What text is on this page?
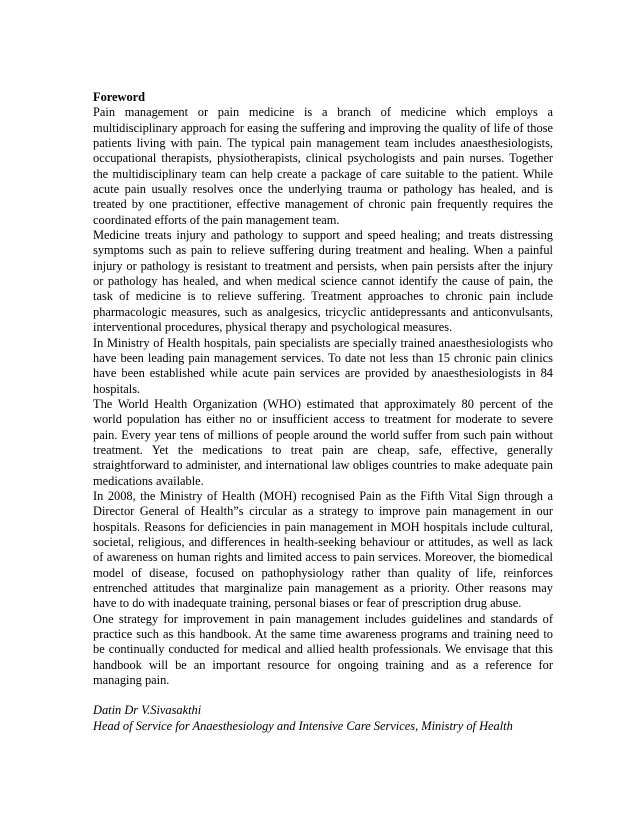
Foreword

Pain management or pain medicine is a branch of medicine which employs a multidisciplinary approach for easing the suffering and improving the quality of life of those patients living with pain. The typical pain management team includes anaesthesiologists, occupational therapists, physiotherapists, clinical psychologists and pain nurses. Together the multidisciplinary team can help create a package of care suitable to the patient. While acute pain usually resolves once the underlying trauma or pathology has healed, and is treated by one practitioner, effective management of chronic pain frequently requires the coordinated efforts of the pain management team.

Medicine treats injury and pathology to support and speed healing; and treats distressing symptoms such as pain to relieve suffering during treatment and healing. When a painful injury or pathology is resistant to treatment and persists, when pain persists after the injury or pathology has healed, and when medical science cannot identify the cause of pain, the task of medicine is to relieve suffering. Treatment approaches to chronic pain include pharmacologic measures, such as analgesics, tricyclic antidepressants and anticonvulsants, interventional procedures, physical therapy and psychological measures.

In Ministry of Health hospitals, pain specialists are specially trained anaesthesiologists who have been leading pain management services. To date not less than 15 chronic pain clinics have been established while acute pain services are provided by anaesthesiologists in 84 hospitals.

The World Health Organization (WHO) estimated that approximately 80 percent of the world population has either no or insufficient access to treatment for moderate to severe pain. Every year tens of millions of people around the world suffer from such pain without treatment. Yet the medications to treat pain are cheap, safe, effective, generally straightforward to administer, and international law obliges countries to make adequate pain medications available.

In 2008, the Ministry of Health (MOH) recognised Pain as the Fifth Vital Sign through a Director General of Health”s circular as a strategy to improve pain management in our hospitals. Reasons for deficiencies in pain management in MOH hospitals include cultural, societal, religious, and differences in health-seeking behaviour or attitudes, as well as lack of awareness on human rights and limited access to pain services. Moreover, the biomedical model of disease, focused on pathophysiology rather than quality of life, reinforces entrenched attitudes that marginalize pain management as a priority. Other reasons may have to do with inadequate training, personal biases or fear of prescription drug abuse.

One strategy for improvement in pain management includes guidelines and standards of practice such as this handbook. At the same time awareness programs and training need to be continually conducted for medical and allied health professionals. We envisage that this handbook will be an important resource for ongoing training and as a reference for managing pain.

Datin Dr V.Sivasakthi
Head of Service for Anaesthesiology and Intensive Care Services, Ministry of Health
